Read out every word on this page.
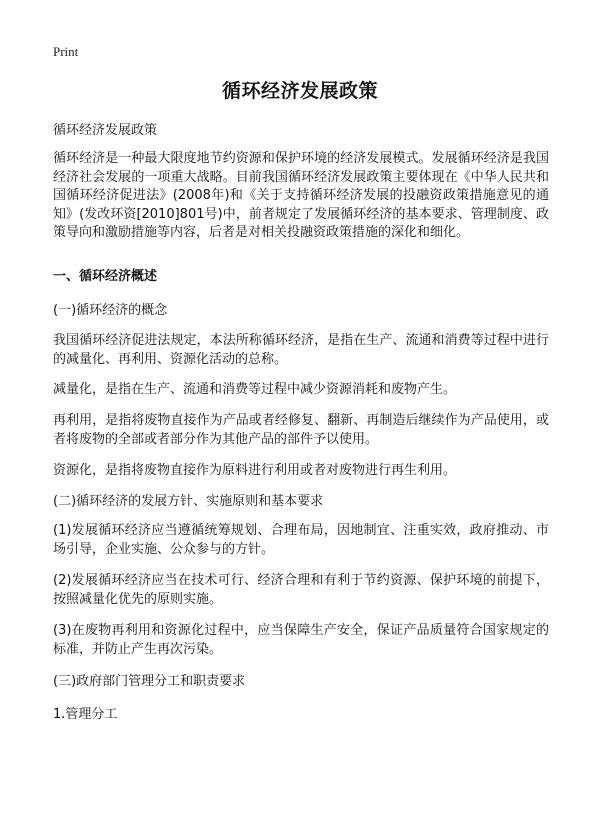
Print
循环经济发展政策
循环经济发展政策

循环经济是一种最大限度地节约资源和保护环境的经济发展模式。发展循环经济是我国经济社会发展的一项重大战略。目前我国循环经济发展政策主要体现在《中华人民共和国循环经济促进法》(2008年)和《关于支持循环经济发展的投融资政策措施意见的通知》(发改环资[2010]801号)中，前者规定了发展循环经济的基本要求、管理制度、政策导向和激励措施等内容，后者是对相关投融资政策措施的深化和细化。

一、循环经济概述
(一)循环经济的概念

我国循环经济促进法规定，本法所称循环经济，是指在生产、流通和消费等过程中进行的减量化、再利用、资源化活动的总称。

减量化，是指在生产、流通和消费等过程中减少资源消耗和废物产生。

再利用，是指将废物直接作为产品或者经修复、翻新、再制造后继续作为产品使用，或者将废物的全部或者部分作为其他产品的部件予以使用。

资源化，是指将废物直接作为原料进行利用或者对废物进行再生利用。

(二)循环经济的发展方针、实施原则和基本要求

(1)发展循环经济应当遵循统筹规划、合理布局，因地制宜、注重实效，政府推动、市场引导，企业实施、公众参与的方针。

(2)发展循环经济应当在技术可行、经济合理和有利于节约资源、保护环境的前提下，按照减量化优先的原则实施。

(3)在废物再利用和资源化过程中，应当保障生产安全，保证产品质量符合国家规定的标准，并防止产生再次污染。

(三)政府部门管理分工和职责要求
1.管理分工
